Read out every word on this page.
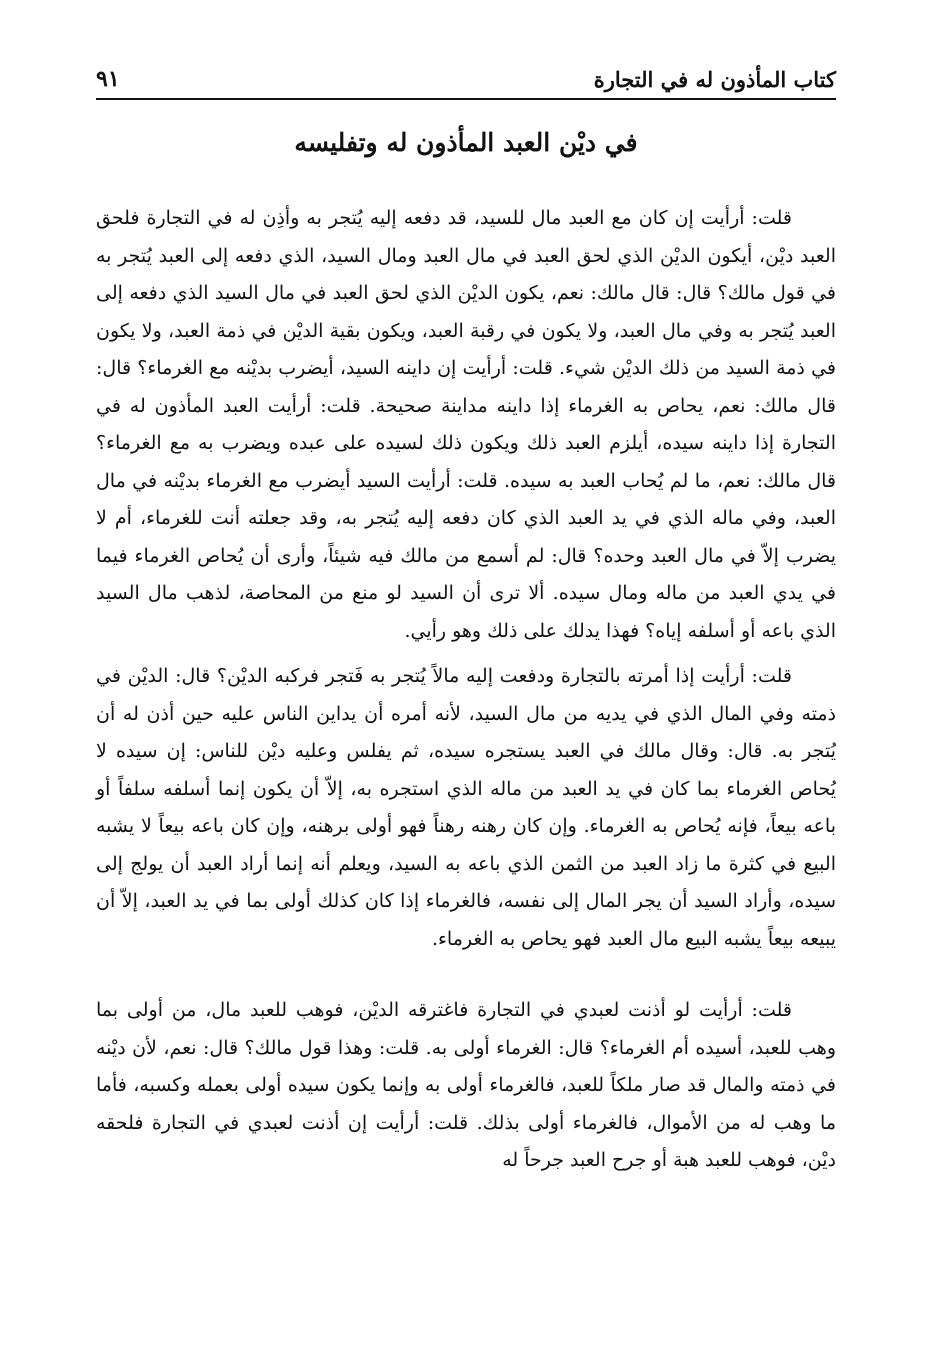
كتاب المأذون له في التجارة
٩١
في ديْن العبد المأذون له وتفليسه

قلت: أرأيت إن كان مع العبد مال للسيد، قد دفعه إليه يُتجر به وأذِن له في التجارة فلحق العبد ديْن، أيكون الديْن الذي لحق العبد في مال العبد ومال السيد، الذي دفعه إلى العبد يُتجر به في قول مالك؟ قال: قال مالك: نعم، يكون الديْن الذي لحق العبد في مال السيد الذي دفعه إلى العبد يُتجر به وفي مال العبد، ولا يكون في رقبة العبد، ويكون بقية الديْن في ذمة العبد، ولا يكون في ذمة السيد من ذلك الديْن شيء. قلت: أرأيت إن داينه السيد، أيضرب بديْنه مع الغرماء؟ قال: قال مالك: نعم، يحاص به الغرماء إذا داينه مداينة صحيحة. قلت: أرأيت العبد المأذون له في التجارة إذا داينه سيده، أيلزم العبد ذلك ويكون ذلك لسيده على عبده ويضرب به مع الغرماء؟ قال مالك: نعم، ما لم يُحاب العبد به سيده. قلت: أرأيت السيد أيضرب مع الغرماء بديْنه في مال العبد، وفي ماله الذي في يد العبد الذي كان دفعه إليه يُتجر به، وقد جعلته أنت للغرماء، أم لا يضرب إلاّ في مال العبد وحده؟ قال: لم أسمع من مالك فيه شيئاً، وأرى أن يُحاص الغرماء فيما في يدي العبد من ماله ومال سيده. ألا ترى أن السيد لو منع من المحاصة، لذهب مال السيد الذي باعه أو أسلفه إياه؟ فهذا يدلك على ذلك وهو رأيي.

قلت: أرأيت إذا أمرته بالتجارة ودفعت إليه مالاً يُتجر به فَتجر فركبه الديْن؟ قال: الديْن في ذمته وفي المال الذي في يديه من مال السيد، لأنه أمره أن يداين الناس عليه حين أذن له أن يُتجر به. قال: وقال مالك في العبد يستجره سيده، ثم يفلس وعليه ديْن للناس: إن سيده لا يُحاص الغرماء بما كان في يد العبد من ماله الذي استجره به، إلاّ أن يكون إنما أسلفه سلفاً أو باعه بيعاً، فإنه يُحاص به الغرماء. وإن كان رهنه رهناً فهو أولى برهنه، وإن كان باعه بيعاً لا يشبه البيع في كثرة ما زاد العبد من الثمن الذي باعه به السيد، ويعلم أنه إنما أراد العبد أن يولج إلى سيده، وأراد السيد أن يجر المال إلى نفسه، فالغرماء إذا كان كذلك أولى بما في يد العبد، إلاّ أن يبيعه بيعاً يشبه البيع مال العبد فهو يحاص به الغرماء.

قلت: أرأيت لو أذنت لعبدي في التجارة فاغترقه الديْن، فوهب للعبد مال، من أولى بما وهب للعبد، أسيده أم الغرماء؟ قال: الغرماء أولى به. قلت: وهذا قول مالك؟ قال: نعم، لأن ديْنه في ذمته والمال قد صار ملكاً للعبد، فالغرماء أولى به وإنما يكون سيده أولى بعمله وكسبه، فأما ما وهب له من الأموال، فالغرماء أولى بذلك. قلت: أرأيت إن أذنت لعبدي في التجارة فلحقه ديْن، فوهب للعبد هبة أو جرح العبد جرحاً له
